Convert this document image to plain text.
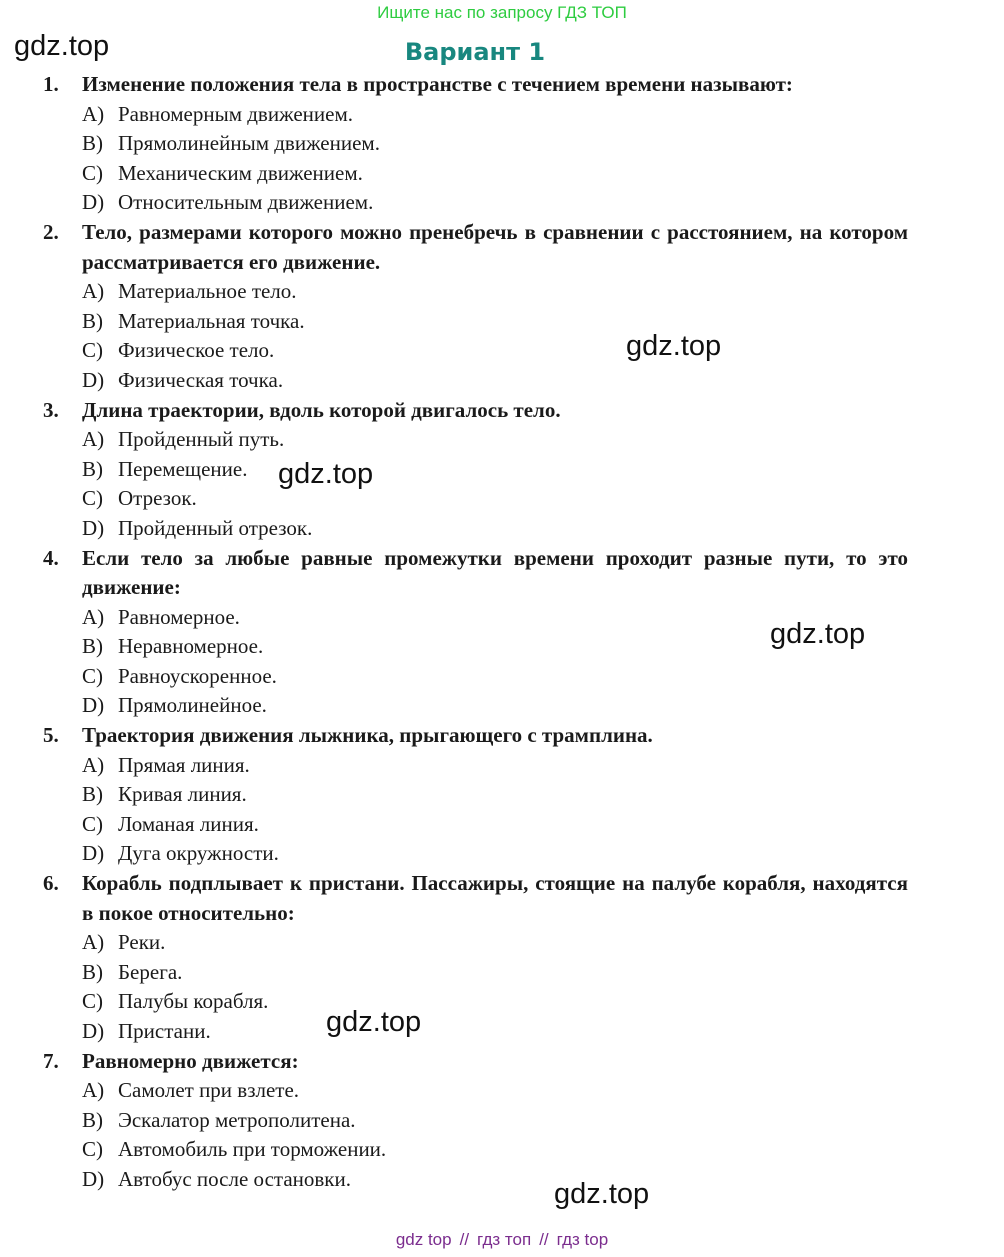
Ищите нас по запросу ГДЗ ТОП
gdz.top
gdz.top
gdz.top
gdz.top
gdz.top
gdz.top
Вариант 1
1. Изменение положения тела в пространстве с течением времени называют:
A) Равномерным движением.
B) Прямолинейным движением.
C) Механическим движением.
D) Относительным движением.
2. Тело, размерами которого можно пренебречь в сравнении с расстоянием, на котором рассматривается его движение.
A) Материальное тело.
B) Материальная точка.
C) Физическое тело.
D) Физическая точка.
3. Длина траектории, вдоль которой двигалось тело.
A) Пройденный путь.
B) Перемещение.
C) Отрезок.
D) Пройденный отрезок.
4. Если тело за любые равные промежутки времени проходит разные пути, то это движение:
A) Равномерное.
B) Неравномерное.
C) Равноускоренное.
D) Прямолинейное.
5. Траектория движения лыжника, прыгающего с трамплина.
A) Прямая линия.
B) Кривая линия.
C) Ломаная линия.
D) Дуга окружности.
6. Корабль подплывает к пристани. Пассажиры, стоящие на палубе корабля, находятся в покое относительно:
A) Реки.
B) Берега.
C) Палубы корабля.
D) Пристани.
7. Равномерно движется:
A) Самолет при взлете.
B) Эскалатор метрополитена.
C) Автомобиль при торможении.
D) Автобус после остановки.
gdz top // гдз топ // гдз top
